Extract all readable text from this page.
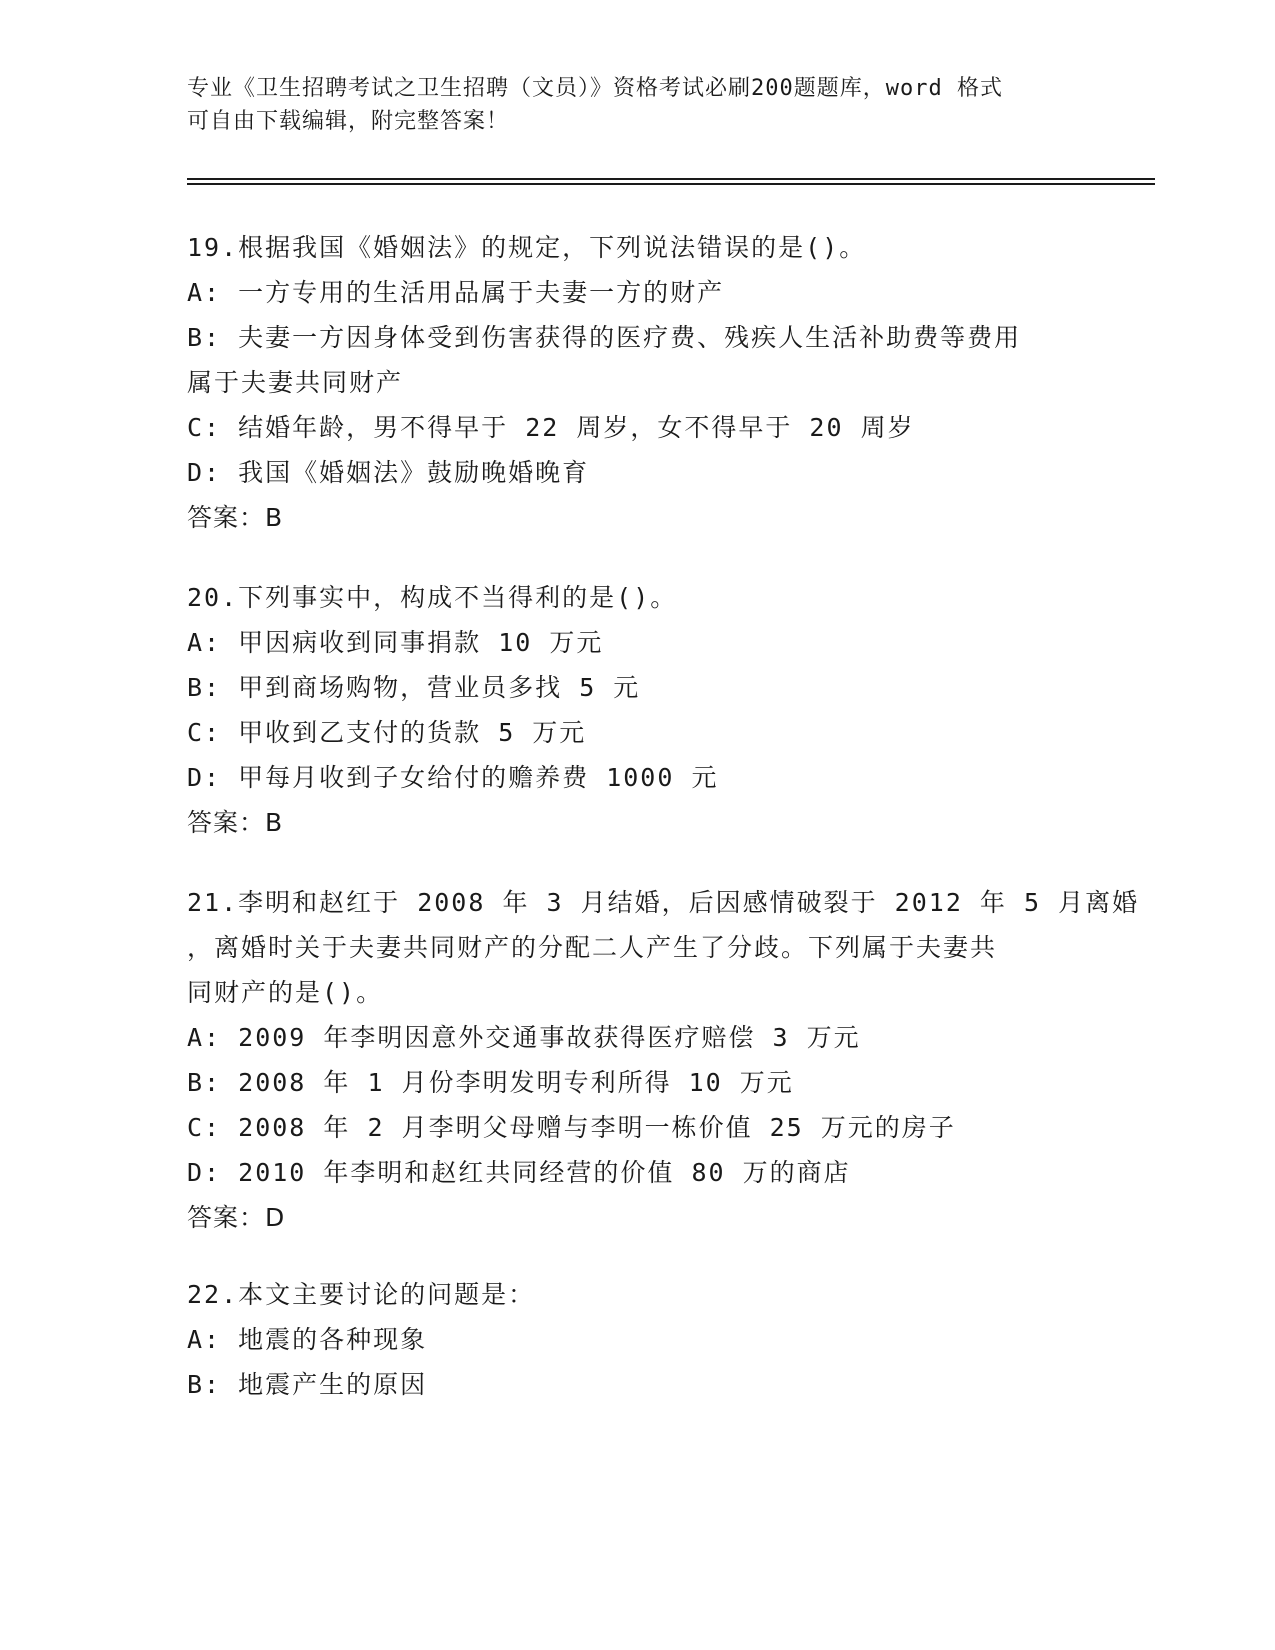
专业《卫生招聘考试之卫生招聘（文员）》资格考试必刷200题题库，word 格式
可自由下载编辑，附完整答案！
19.根据我国《婚姻法》的规定，下列说法错误的是()。
A: 一方专用的生活用品属于夫妻一方的财产
B: 夫妻一方因身体受到伤害获得的医疗费、残疾人生活补助费等费用
属于夫妻共同财产
C: 结婚年龄，男不得早于 22 周岁，女不得早于 20 周岁
D: 我国《婚姻法》鼓励晚婚晚育
答案：B
20.下列事实中，构成不当得利的是()。
A: 甲因病收到同事捐款 10 万元
B: 甲到商场购物，营业员多找 5 元
C: 甲收到乙支付的货款 5 万元
D: 甲每月收到子女给付的赡养费 1000 元
答案：B
21.李明和赵红于 2008 年 3 月结婚，后因感情破裂于 2012 年 5 月离婚
，离婚时关于夫妻共同财产的分配二人产生了分歧。下列属于夫妻共
同财产的是()。
A: 2009 年李明因意外交通事故获得医疗赔偿 3 万元
B: 2008 年 1 月份李明发明专利所得 10 万元
C: 2008 年 2 月李明父母赠与李明一栋价值 25 万元的房子
D: 2010 年李明和赵红共同经营的价值 80 万的商店
答案：D
22.本文主要讨论的问题是：
A: 地震的各种现象
B: 地震产生的原因
